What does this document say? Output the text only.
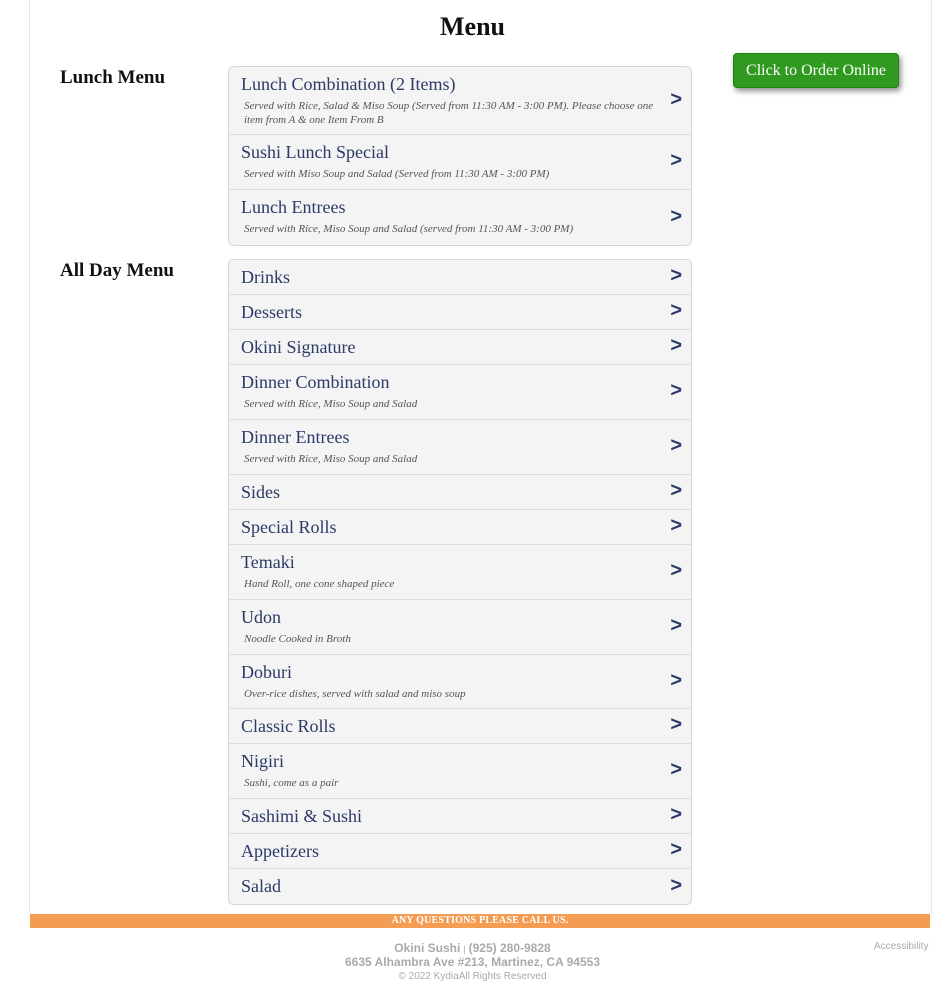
Menu
Lunch Menu	Lunch Combination (2 Items)
Served with Rice, Salad & Miso Soup (Served from 11:30 AM - 3:00 PM). Please choose one item from A & one Item From B
>
Sushi Lunch Special
Served with Miso Soup and Salad (Served from 11:30 AM - 3:00 PM)
>
Lunch Entrees
Served with Rice, Miso Soup and Salad (served from 11:30 AM - 3:00 PM)
>
Click to Order Online
All Day Menu	Drinks	>
Desserts	>
Okini Signature	>
Dinner Combination
Served with Rice, Miso Soup and Salad
>
Dinner Entrees
Served with Rice, Miso Soup and Salad
>
Sides	>
Special Rolls	>
Temaki
Hand Roll, one cone shaped piece
>
Udon
Noodle Cooked in Broth
>
Doburi
Over-rice dishes, served with salad and miso soup
>
Classic Rolls	>
Nigiri
Sushi, come as a pair
>
Sashimi & Sushi	>
Appetizers	>
Salad	>
ANY QUESTIONS PLEASE CALL US.
Okini Sushi | (925) 280-9828
6635 Alhambra Ave #213, Martinez, CA 94553
© 2022 KydiaAll Rights Reserved
Accessibility
